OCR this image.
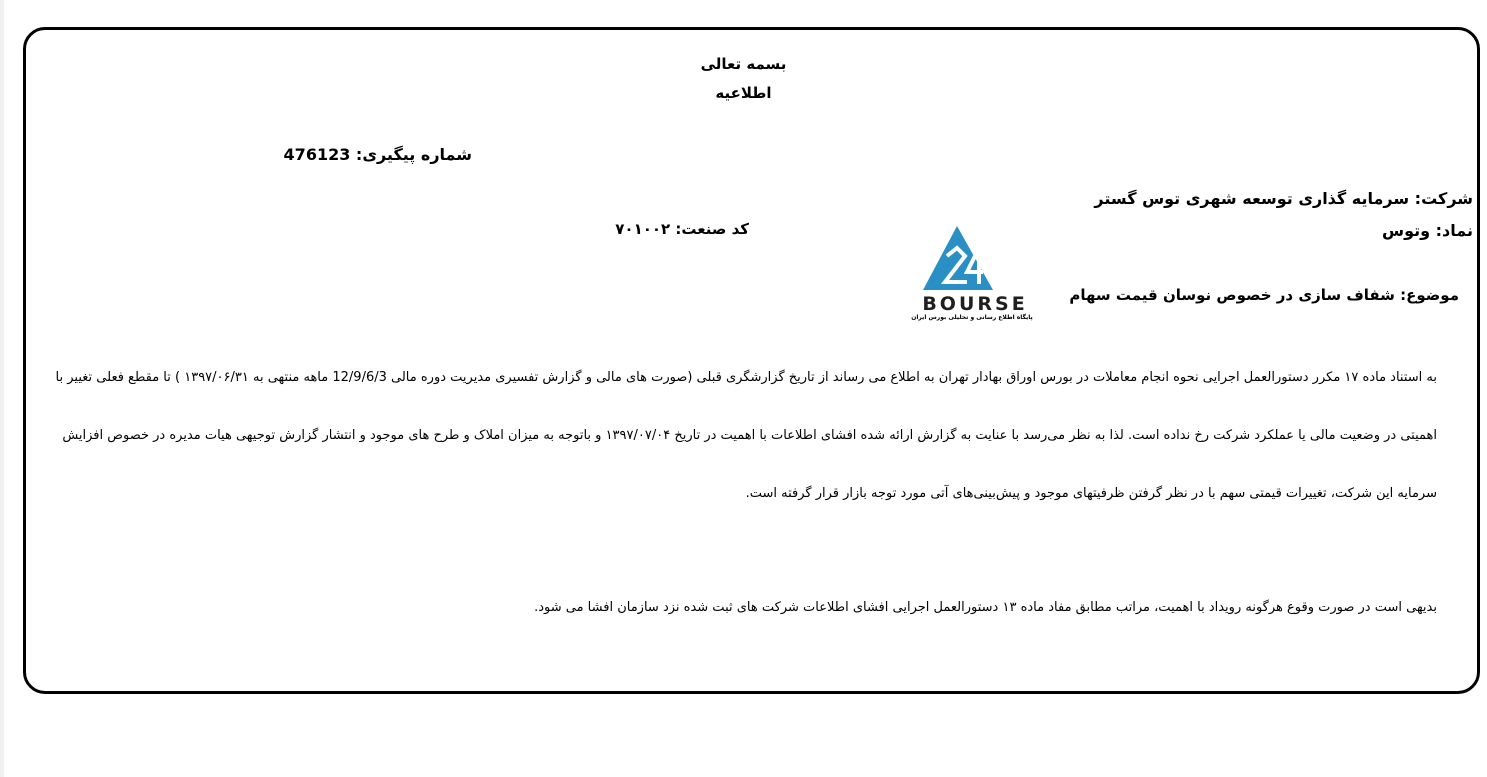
بسمه تعالی
اطلاعیه
شماره پیگیری: 476123
شرکت: سرمایه گذاری توسعه شهری توس گستر
نماد: وتوس
کد صنعت: ۷۰۱۰۰۲
موضوع: شفاف سازی در خصوص نوسان قیمت سهام
BOURSE
پایگاه اطلاع رسانی و تحلیلی بورس ایران
به استناد ماده ۱۷ مکرر دستورالعمل اجرایی نحوه انجام معاملات در بورس اوراق بهادار تهران به اطلاع می رساند از تاریخ گزارشگری قبلی (صورت های مالی و گزارش تفسیری مدیریت دوره مالی 12/9/6/3 ماهه منتهی به ۱۳۹۷/۰۶/۳۱ ) تا مقطع فعلی تغییر با
اهمیتی در وضعیت مالی یا عملکرد شرکت رخ نداده است. لذا به نظر می‌رسد با عنایت به گزارش ارائه شده افشای اطلاعات با اهمیت در تاریخ ۱۳۹۷/۰۷/۰۴ و باتوجه به میزان املاک و طرح های موجود و انتشار گزارش توجیهی هیات مدیره در خصوص افزایش
سرمایه این شرکت، تغییرات قیمتی سهم با در نظر گرفتن ظرفیتهای موجود و پیش‌بینی‌های آتی مورد توجه بازار قرار گرفته است.
بدیهی است در صورت وقوع هرگونه رویداد با اهمیت، مراتب مطابق مفاد ماده ۱۳ دستورالعمل اجرایی افشای اطلاعات شرکت های ثبت شده نزد سازمان افشا می شود.
